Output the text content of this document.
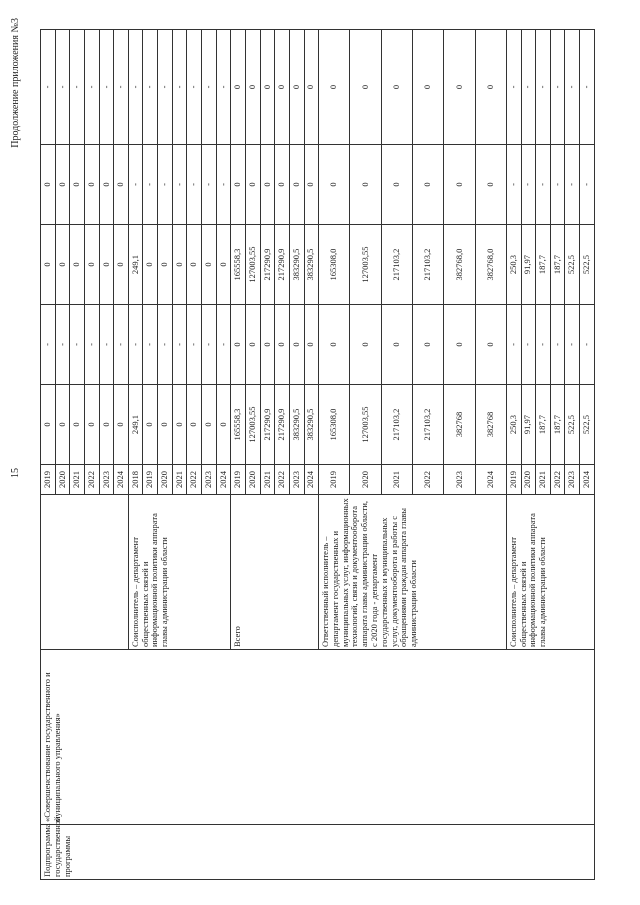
15
Продолжение приложения №3
Подпрограмма государственной программы	«Совершенствование государственного и муниципального управления»		2019	0	-	0	0	-
			2020	0	-	0	0	-
			2021	0	-	0	0	-
			2022	0	-	0	0	-
			2023	0	-	0	0	-
			2024	0	-	0	0	-
		Соисполнитель – департамент общественных связей и информационной политики аппарата главы администрации области	2018	249,1	-	249,1	-	-
			2019	0	-	0	-	-
			2020	0	-	0	-	-
			2021	0	-	0	-	-
			2022	0	-	0	-	-
			2023	0	-	0	-	-
			2024	0	-	0	-	-
		Всего	2019	165558,3	0	165558,3	0	0
			2020	127003,55	0	127003,55	0	0
			2021	217290,9	0	217290,9	0	0
			2022	217290,9	0	217290,9	0	0
			2023	383290,5	0	383290,5	0	0
			2024	383290,5	0	383290,5	0	0
		Ответственный исполнитель – департамент государственных и муниципальных услуг, информационных технологий, связи и документооборота аппарата главы администрации области, с 2020 года - департамент государственных и муниципальных услуг, документооборота и работы с обращениями граждан аппарата главы администрации области	2019	165308,0	0	165308,0	0	0
			2020	127003,55	0	127003,55	0	0
			2021	217103,2	0	217103,2	0	0
			2022	217103,2	0	217103,2	0	0
			2023	382768	0	382768,0	0	0
			2024	382768	0	382768,0	0	0
		Соисполнитель – департамент общественных связей и информационной политики аппарата главы администрации области	2019	250,3	-	250,3	-	-
			2020	91,97	-	91,97	-	-
			2021	187,7	-	187,7	-	-
			2022	187,7	-	187,7	-	-
			2023	522,5	-	522,5	-	-
			2024	522,5	-	522,5	-	-
